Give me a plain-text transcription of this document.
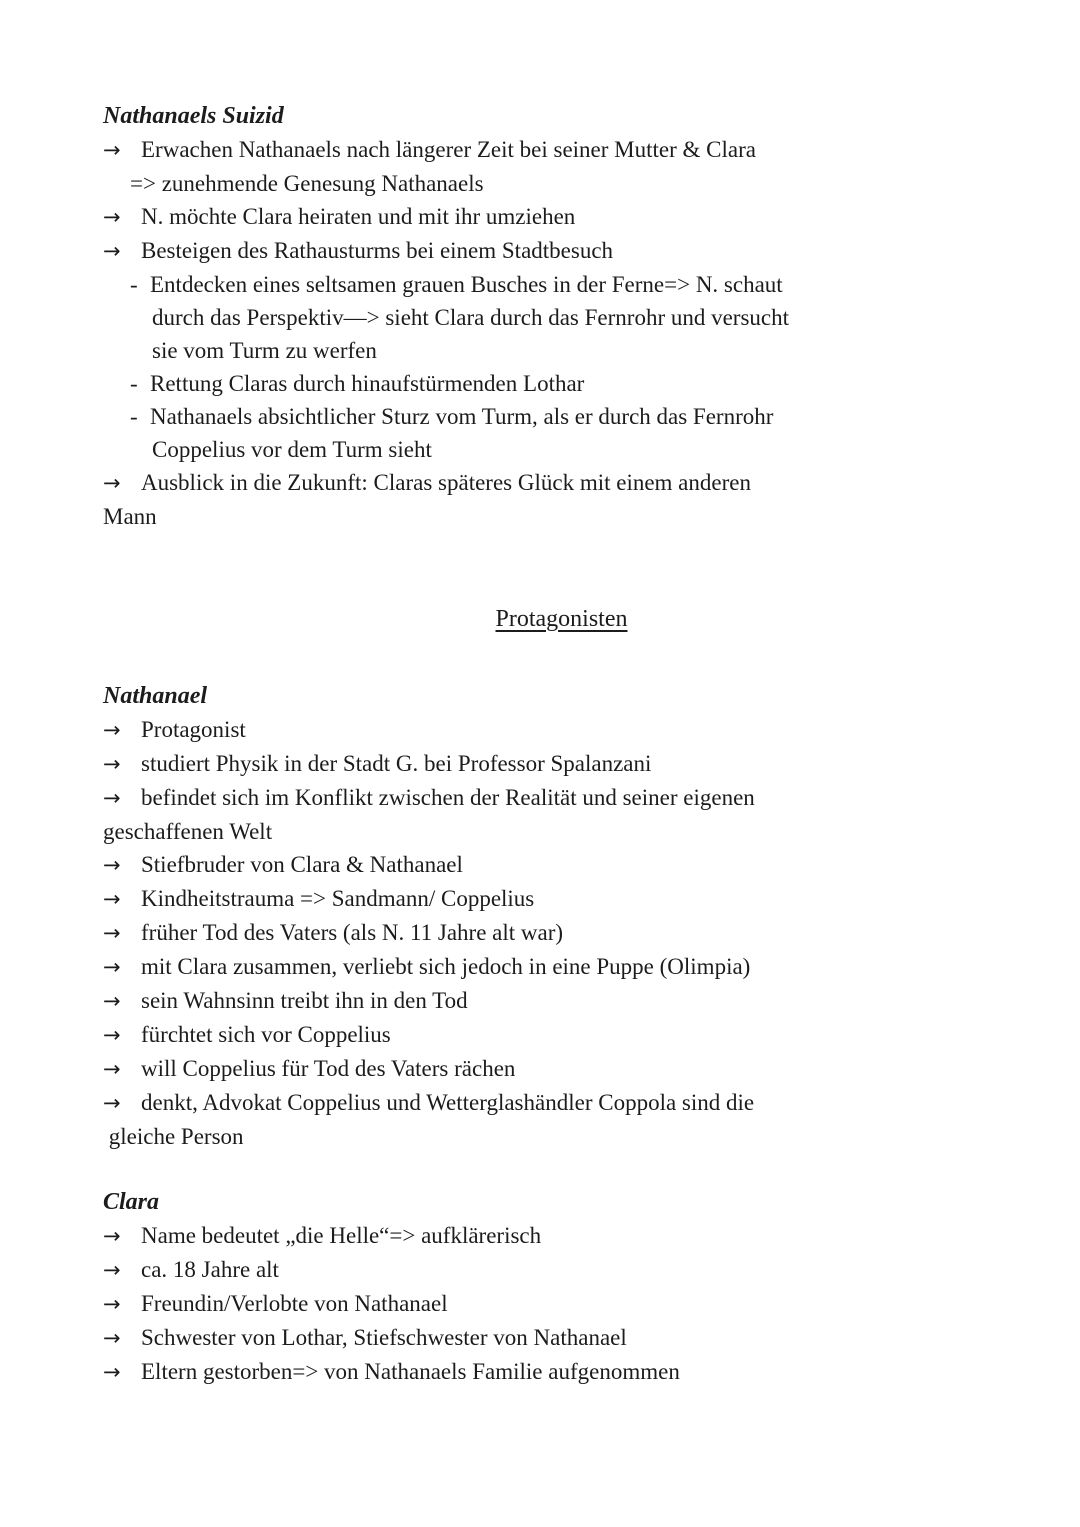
Nathanaels Suizid
→ Erwachen Nathanaels nach längerer Zeit bei seiner Mutter & Clara
=> zunehmende Genesung Nathanaels
→ N. möchte Clara heiraten und mit ihr umziehen
→ Besteigen des Rathausturms bei einem Stadtbesuch
- Entdecken eines seltsamen grauen Busches in der Ferne=> N. schaut
durch das Perspektiv—> sieht Clara durch das Fernrohr und versucht
sie vom Turm zu werfen
- Rettung Claras durch hinaufstürmenden Lothar
- Nathanaels absichtlicher Sturz vom Turm, als er durch das Fernrohr
Coppelius vor dem Turm sieht
→ Ausblick in die Zukunft: Claras späteres Glück mit einem anderen
Mann
Protagonisten
Nathanael
→ Protagonist
→ studiert Physik in der Stadt G. bei Professor Spalanzani
→ befindet sich im Konflikt zwischen der Realität und seiner eigenen
geschaffenen Welt
→ Stiefbruder von Clara & Nathanael
→ Kindheitstrauma => Sandmann/ Coppelius
→ früher Tod des Vaters (als N. 11 Jahre alt war)
→ mit Clara zusammen, verliebt sich jedoch in eine Puppe (Olimpia)
→ sein Wahnsinn treibt ihn in den Tod
→ fürchtet sich vor Coppelius
→ will Coppelius für Tod des Vaters rächen
→ denkt, Advokat Coppelius und Wetterglashändler Coppola sind die
gleiche Person
Clara
→ Name bedeutet „die Helle“=> aufklärerisch
→ ca. 18 Jahre alt
→ Freundin/Verlobte von Nathanael
→ Schwester von Lothar, Stiefschwester von Nathanael
→ Eltern gestorben=> von Nathanaels Familie aufgenommen
